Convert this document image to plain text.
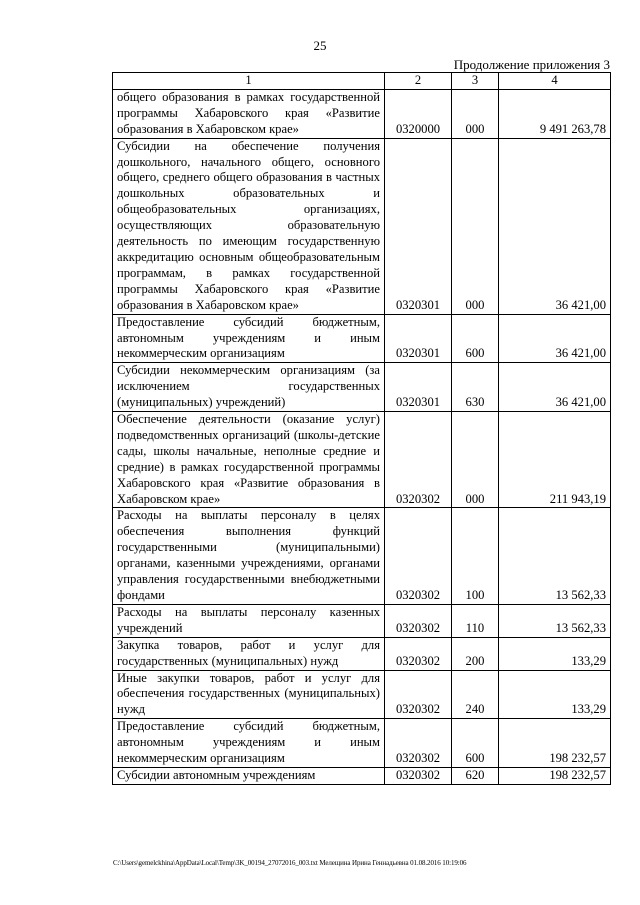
25
Продолжение приложения 3
1	2	3	4
общего образования в рамках государственной программы Хабаровского края «Развитие образования в Хабаровском крае»	0320000	000	9 491 263,78
Субсидии на обеспечение получения дошкольного, начального общего, основного общего, среднего общего образования в частных дошкольных образовательных и общеобразовательных организациях, осуществляющих образовательную деятельность по имеющим государственную аккредитацию основным общеобразовательным программам, в рамках государственной программы Хабаровского края «Развитие образования в Хабаровском крае»	0320301	000	36 421,00
Предоставление субсидий бюджетным, автономным учреждениям и иным некоммерческим организациям	0320301	600	36 421,00
Субсидии некоммерческим организациям (за исключением государственных (муниципальных) учреждений)	0320301	630	36 421,00
Обеспечение деятельности (оказание услуг) подведомственных организаций (школы-детские сады, школы начальные, неполные средние и средние) в рамках государственной программы Хабаровского края «Развитие образования в Хабаровском крае»	0320302	000	211 943,19
Расходы на выплаты персоналу в целях обеспечения выполнения функций государственными (муниципальными) органами, казенными учреждениями, органами управления государственными внебюджетными фондами	0320302	100	13 562,33
Расходы на выплаты персоналу казенных учреждений	0320302	110	13 562,33
Закупка товаров, работ и услуг для государственных (муниципальных) нужд	0320302	200	133,29
Иные закупки товаров, работ и услуг для обеспечения государственных (муниципальных) нужд	0320302	240	133,29
Предоставление субсидий бюджетным, автономным учреждениям и иным некоммерческим организациям	0320302	600	198 232,57
Субсидии автономным учреждениям	0320302	620	198 232,57
C:\Users\gemelckhina\AppData\Local\Temp\3K_00194_27072016_003.txt Мелещина Ирина Геннадьевна 01.08.2016 10:19:06
